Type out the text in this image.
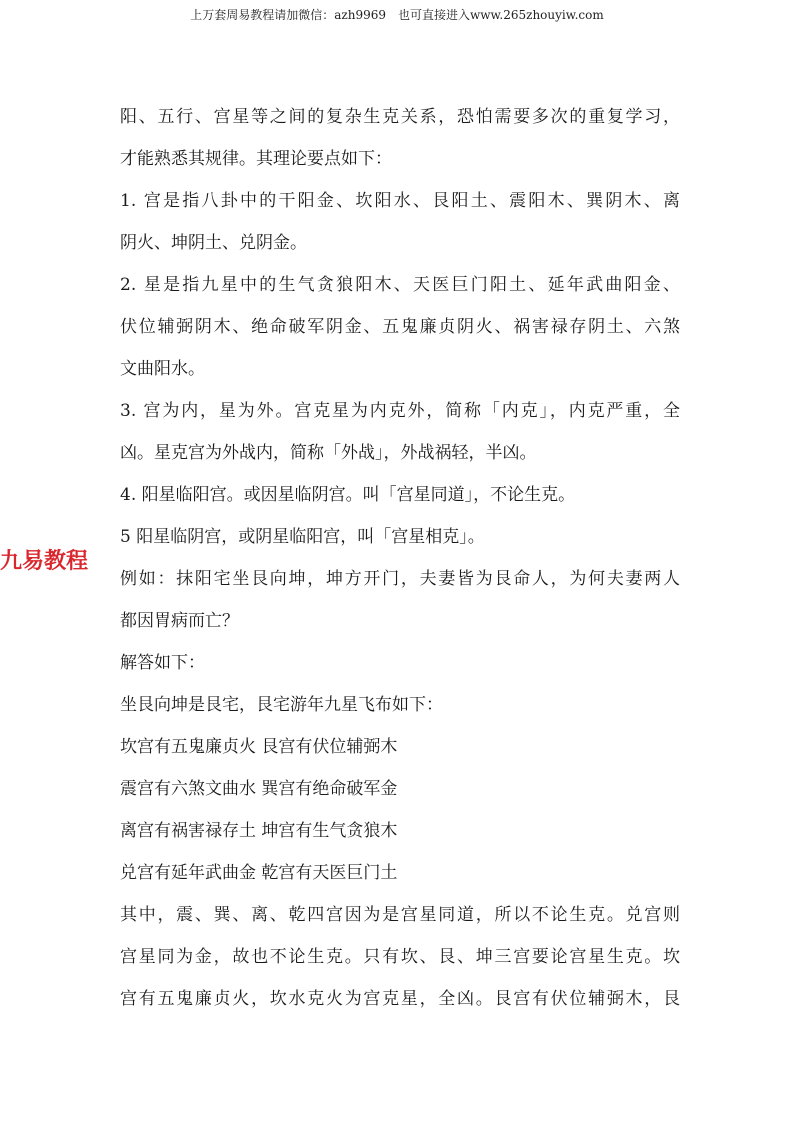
上万套周易教程请加微信：azh9969　也可直接进入www.265zhouyiw.com
九易教程
阳、五行、宫星等之间的复杂生克关系，恐怕需要多次的重复学习，
才能熟悉其规律。其理论要点如下：
1. 宫是指八卦中的干阳金、坎阳水、艮阳土、震阳木、巽阴木、离
阴火、坤阴土、兑阴金。
2. 星是指九星中的生气贪狼阳木、天医巨门阳土、延年武曲阳金、
伏位辅弼阴木、绝命破军阴金、五鬼廉贞阴火、祸害禄存阴土、六煞
文曲阳水。
3. 宫为内，星为外。宫克星为内克外，简称「内克」，内克严重，全
凶。星克宫为外战内，简称「外战」，外战祸轻，半凶。
4. 阳星临阳宫。或因星临阴宫。叫「宫星同道」，不论生克。
5 阳星临阴宫，或阴星临阳宫，叫「宫星相克」。
例如：抹阳宅坐艮向坤，坤方开门，夫妻皆为艮命人，为何夫妻两人
都因胃病而亡？
解答如下：
坐艮向坤是艮宅，艮宅游年九星飞布如下：
坎宫有五鬼廉贞火 艮宫有伏位辅弼木
震宫有六煞文曲水 巽宫有绝命破军金
离宫有祸害禄存土 坤宫有生气贪狼木
兑宫有延年武曲金 乾宫有天医巨门土
其中，震、巽、离、乾四宫因为是宫星同道，所以不论生克。兑宫则
宫星同为金，故也不论生克。只有坎、艮、坤三宫要论宫星生克。坎
宫有五鬼廉贞火，坎水克火为宫克星，全凶。艮宫有伏位辅弼木，艮
